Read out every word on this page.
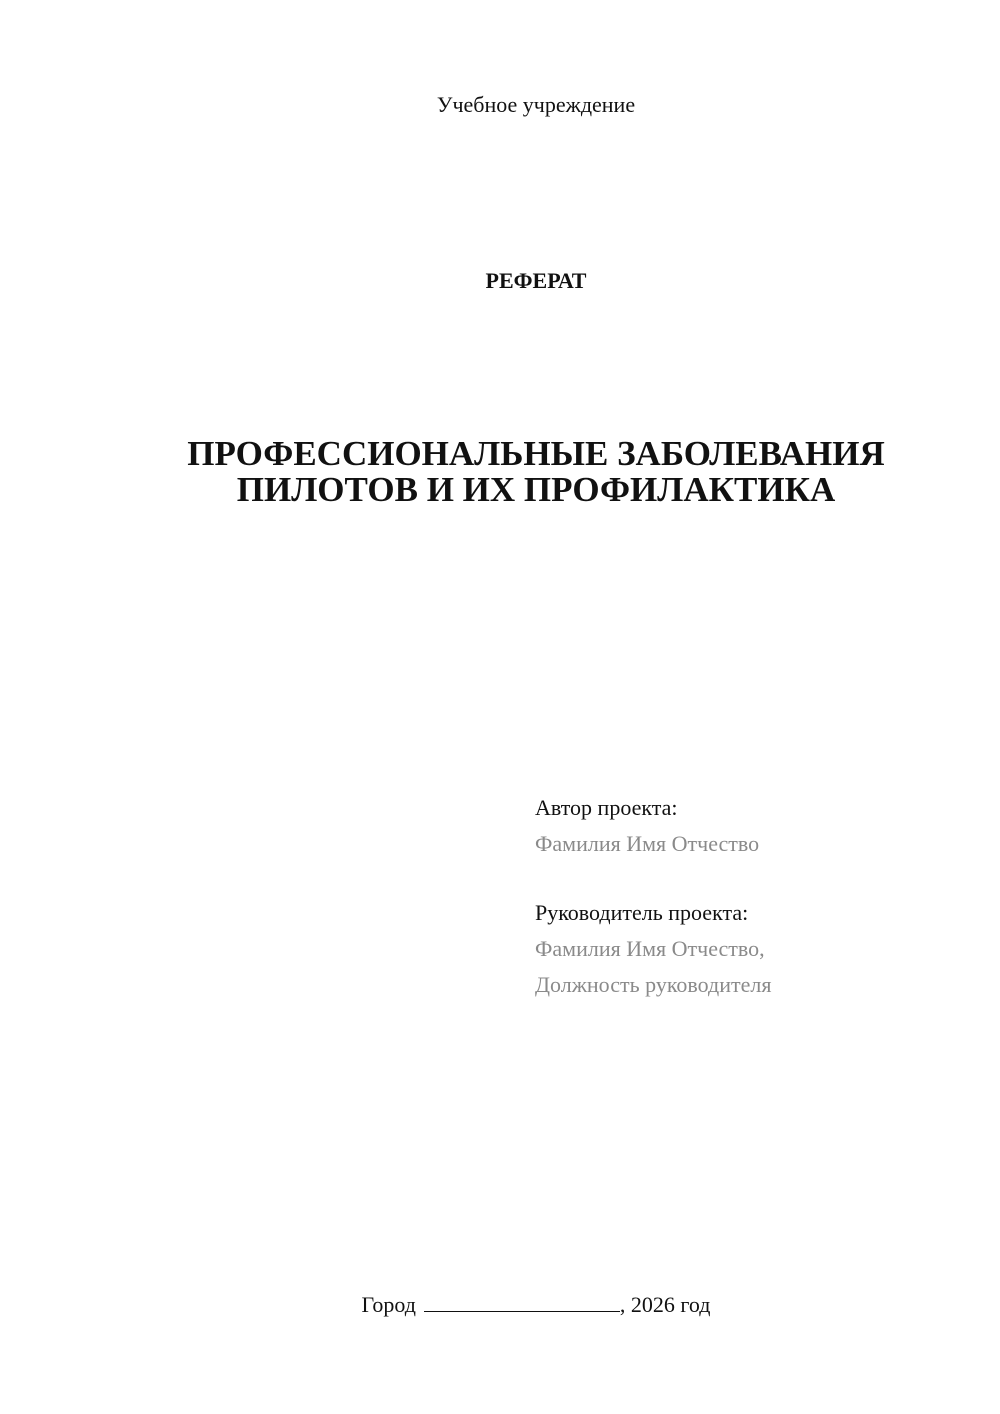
Учебное учреждение
РЕФЕРАТ
ПРОФЕССИОНАЛЬНЫЕ ЗАБОЛЕВАНИЯ
ПИЛОТОВ И ИХ ПРОФИЛАКТИКА
Автор проекта:
Фамилия Имя Отчество
Руководитель проекта:
Фамилия Имя Отчество,
Должность руководителя
Город	, 2026 год
